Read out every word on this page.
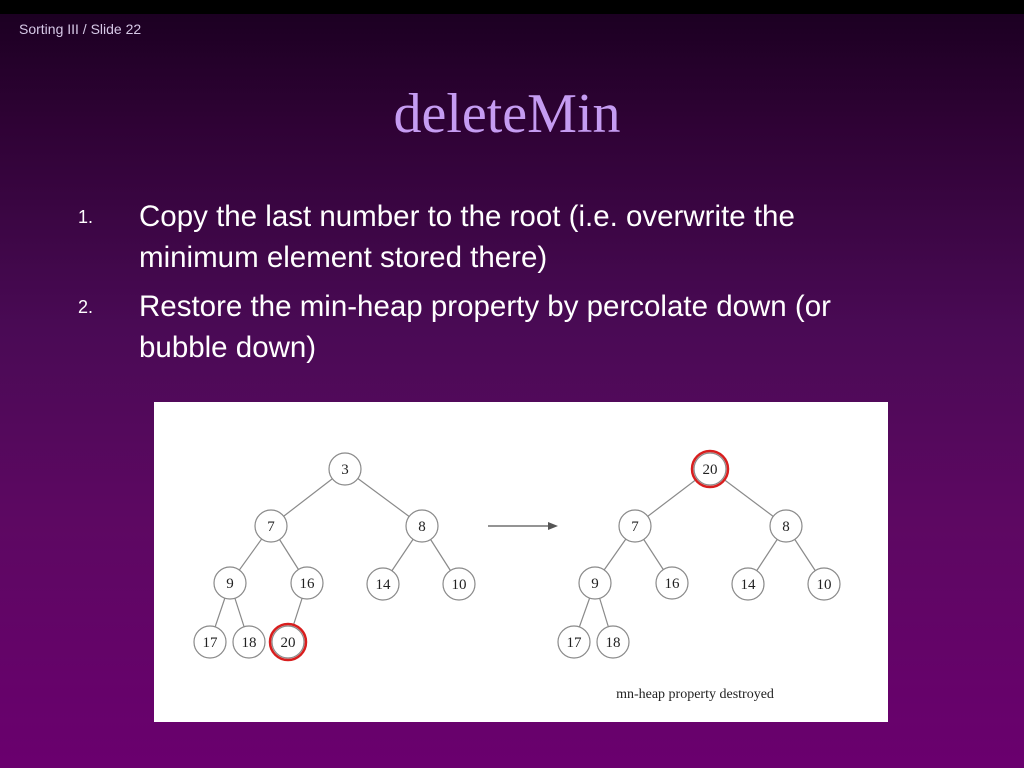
Sorting III / Slide 22
deleteMin
1. Copy the last number to the root (i.e. overwrite the minimum element stored there)
2. Restore the min-heap property by percolate down (or bubble down)
3
7	8
9	16	14	10
17 18 20
20
7	8
9	16	14	10
17 18
mn-heap property destroyed
